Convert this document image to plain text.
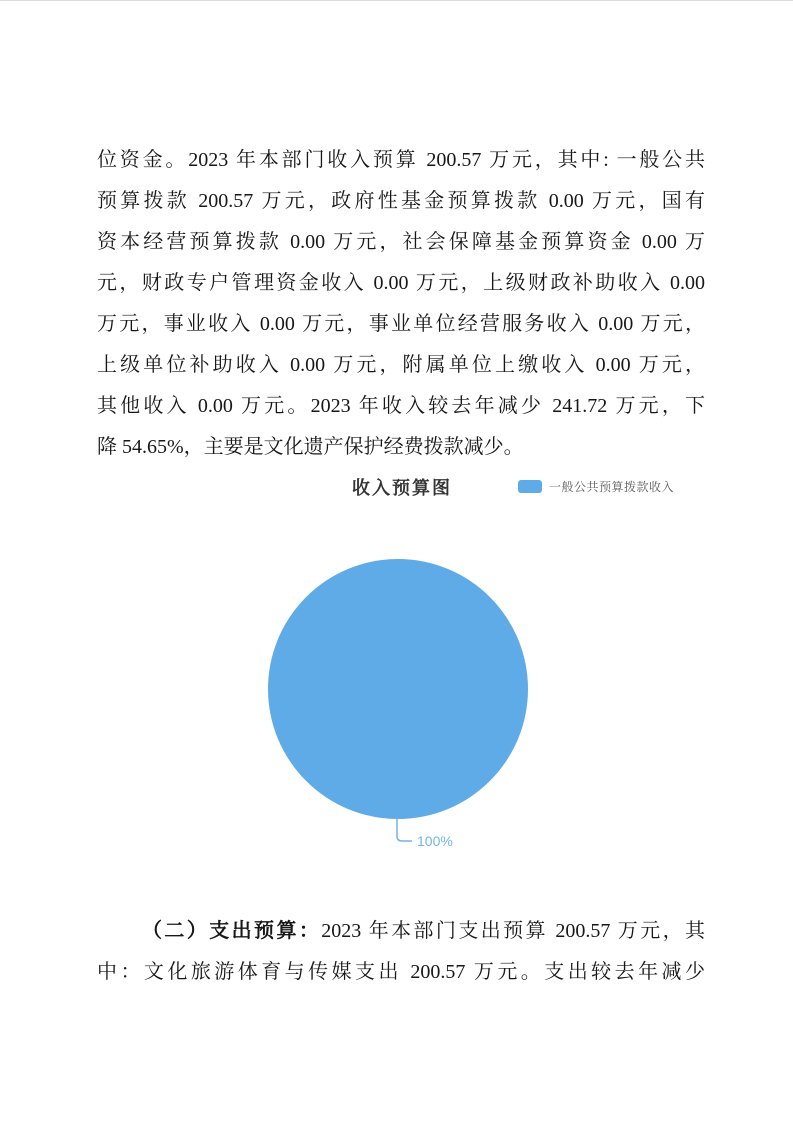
位资金。2023 年本部门收入预算 200.57 万元，其中: 一般公共
预算拨款 200.57 万元，政府性基金预算拨款 0.00 万元，国有
资本经营预算拨款 0.00 万元，社会保障基金预算资金 0.00 万
元，财政专户管理资金收入 0.00 万元，上级财政补助收入 0.00
万元，事业收入 0.00 万元，事业单位经营服务收入 0.00 万元，
上级单位补助收入 0.00 万元，附属单位上缴收入 0.00 万元，
其他收入 0.00 万元。2023 年收入较去年减少 241.72 万元，下
降 54.65%，主要是文化遗产保护经费拨款减少。
收入预算图	一般公共预算拨款收入
100%
（二）支出预算：2023 年本部门支出预算 200.57 万元，其
中：文化旅游体育与传媒支出 200.57 万元。支出较去年减少
